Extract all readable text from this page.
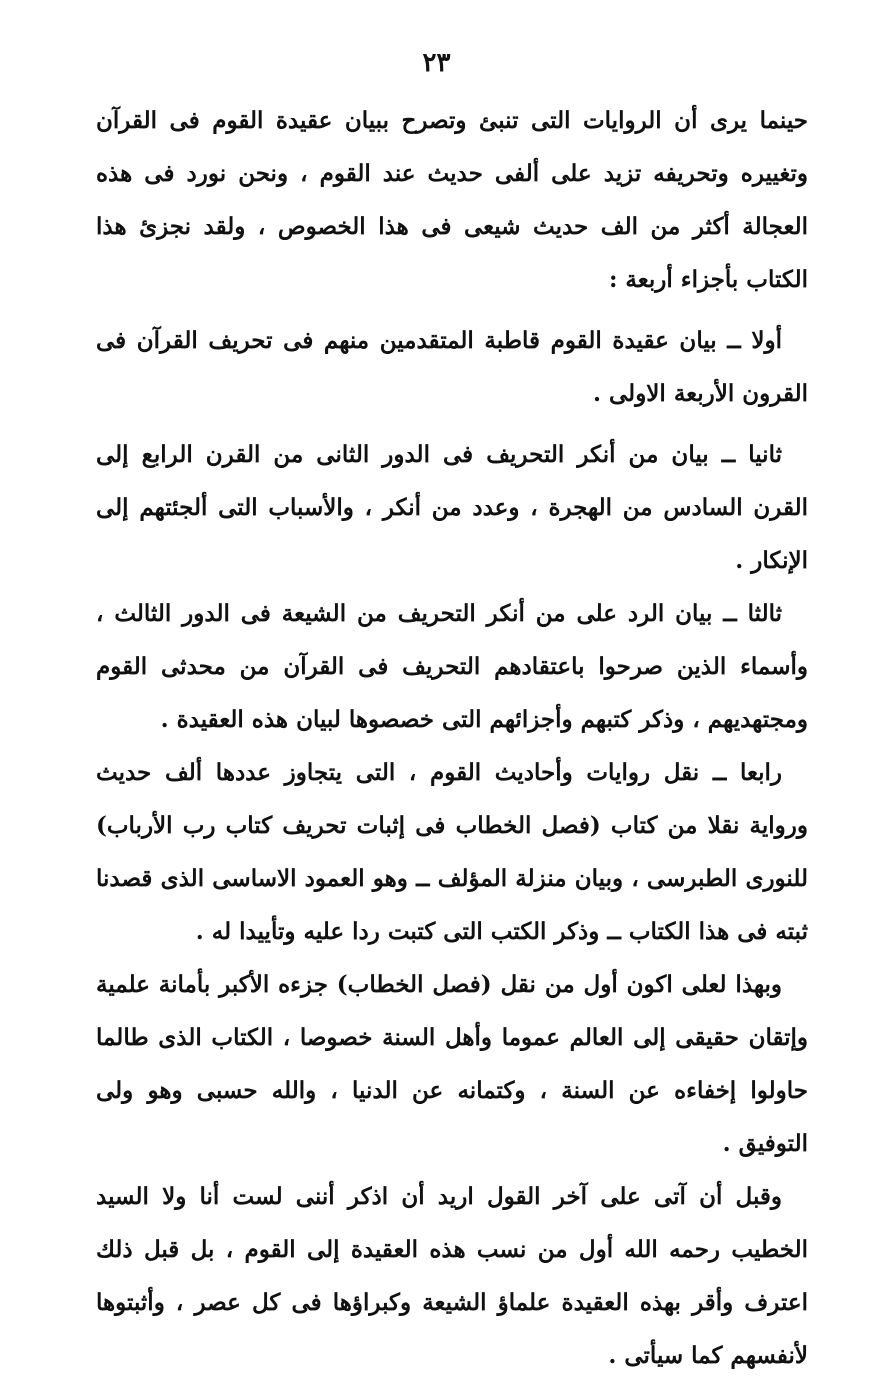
٢٣

حينما يرى أن الروايات التى تنبئ وتصرح ببيان عقيدة القوم فى القرآن وتغييره وتحريفه تزيد على ألفى حديث عند القوم ، ونحن نورد فى هذه العجالة أكثر من الف حديث شيعى فى هذا الخصوص ، ولقد نجزئ هذا الكتاب بأجزاء أربعة :

أولا ــ بيان عقيدة القوم قاطبة المتقدمين منهم فى تحريف القرآن فى القرون الأربعة الاولى .

ثانيا ــ بيان من أنكر التحريف فى الدور الثانى من القرن الرابع إلى القرن السادس من الهجرة ، وعدد من أنكر ، والأسباب التى ألجئتهم إلى الإنكار .

ثالثا ــ بيان الرد على من أنكر التحريف من الشيعة فى الدور الثالث ، وأسماء الذين صرحوا باعتقادهم التحريف فى القرآن من محدثى القوم ومجتهديهم ، وذكر كتبهم وأجزائهم التى خصصوها لبيان هذه العقيدة .

رابعا ــ نقل روايات وأحاديث القوم ، التى يتجاوز عددها ألف حديث ورواية نقلا من كتاب (فصل الخطاب فى إثبات تحريف كتاب رب الأرباب) للنورى الطبرسى ، وبيان منزلة المؤلف ــ وهو العمود الاساسى الذى قصدنا ثبته فى هذا الكتاب ــ وذكر الكتب التى كتبت ردا عليه وتأييدا له .

وبهذا لعلى اكون أول من نقل (فصل الخطاب) جزءه الأكبر بأمانة علمية وإتقان حقيقى إلى العالم عموما وأهل السنة خصوصا ، الكتاب الذى طالما حاولوا إخفاءه عن السنة ، وكتمانه عن الدنيا ، والله حسبى وهو ولى التوفيق .

وقبل أن آتى على آخر القول اريد أن اذكر أننى لست أنا ولا السيد الخطيب رحمه الله أول من نسب هذه العقيدة إلى القوم ، بل قبل ذلك اعترف وأقر بهذه العقيدة علماؤ الشيعة وكبراؤها فى كل عصر ، وأثبتوها لأنفسهم كما سيأتى .
